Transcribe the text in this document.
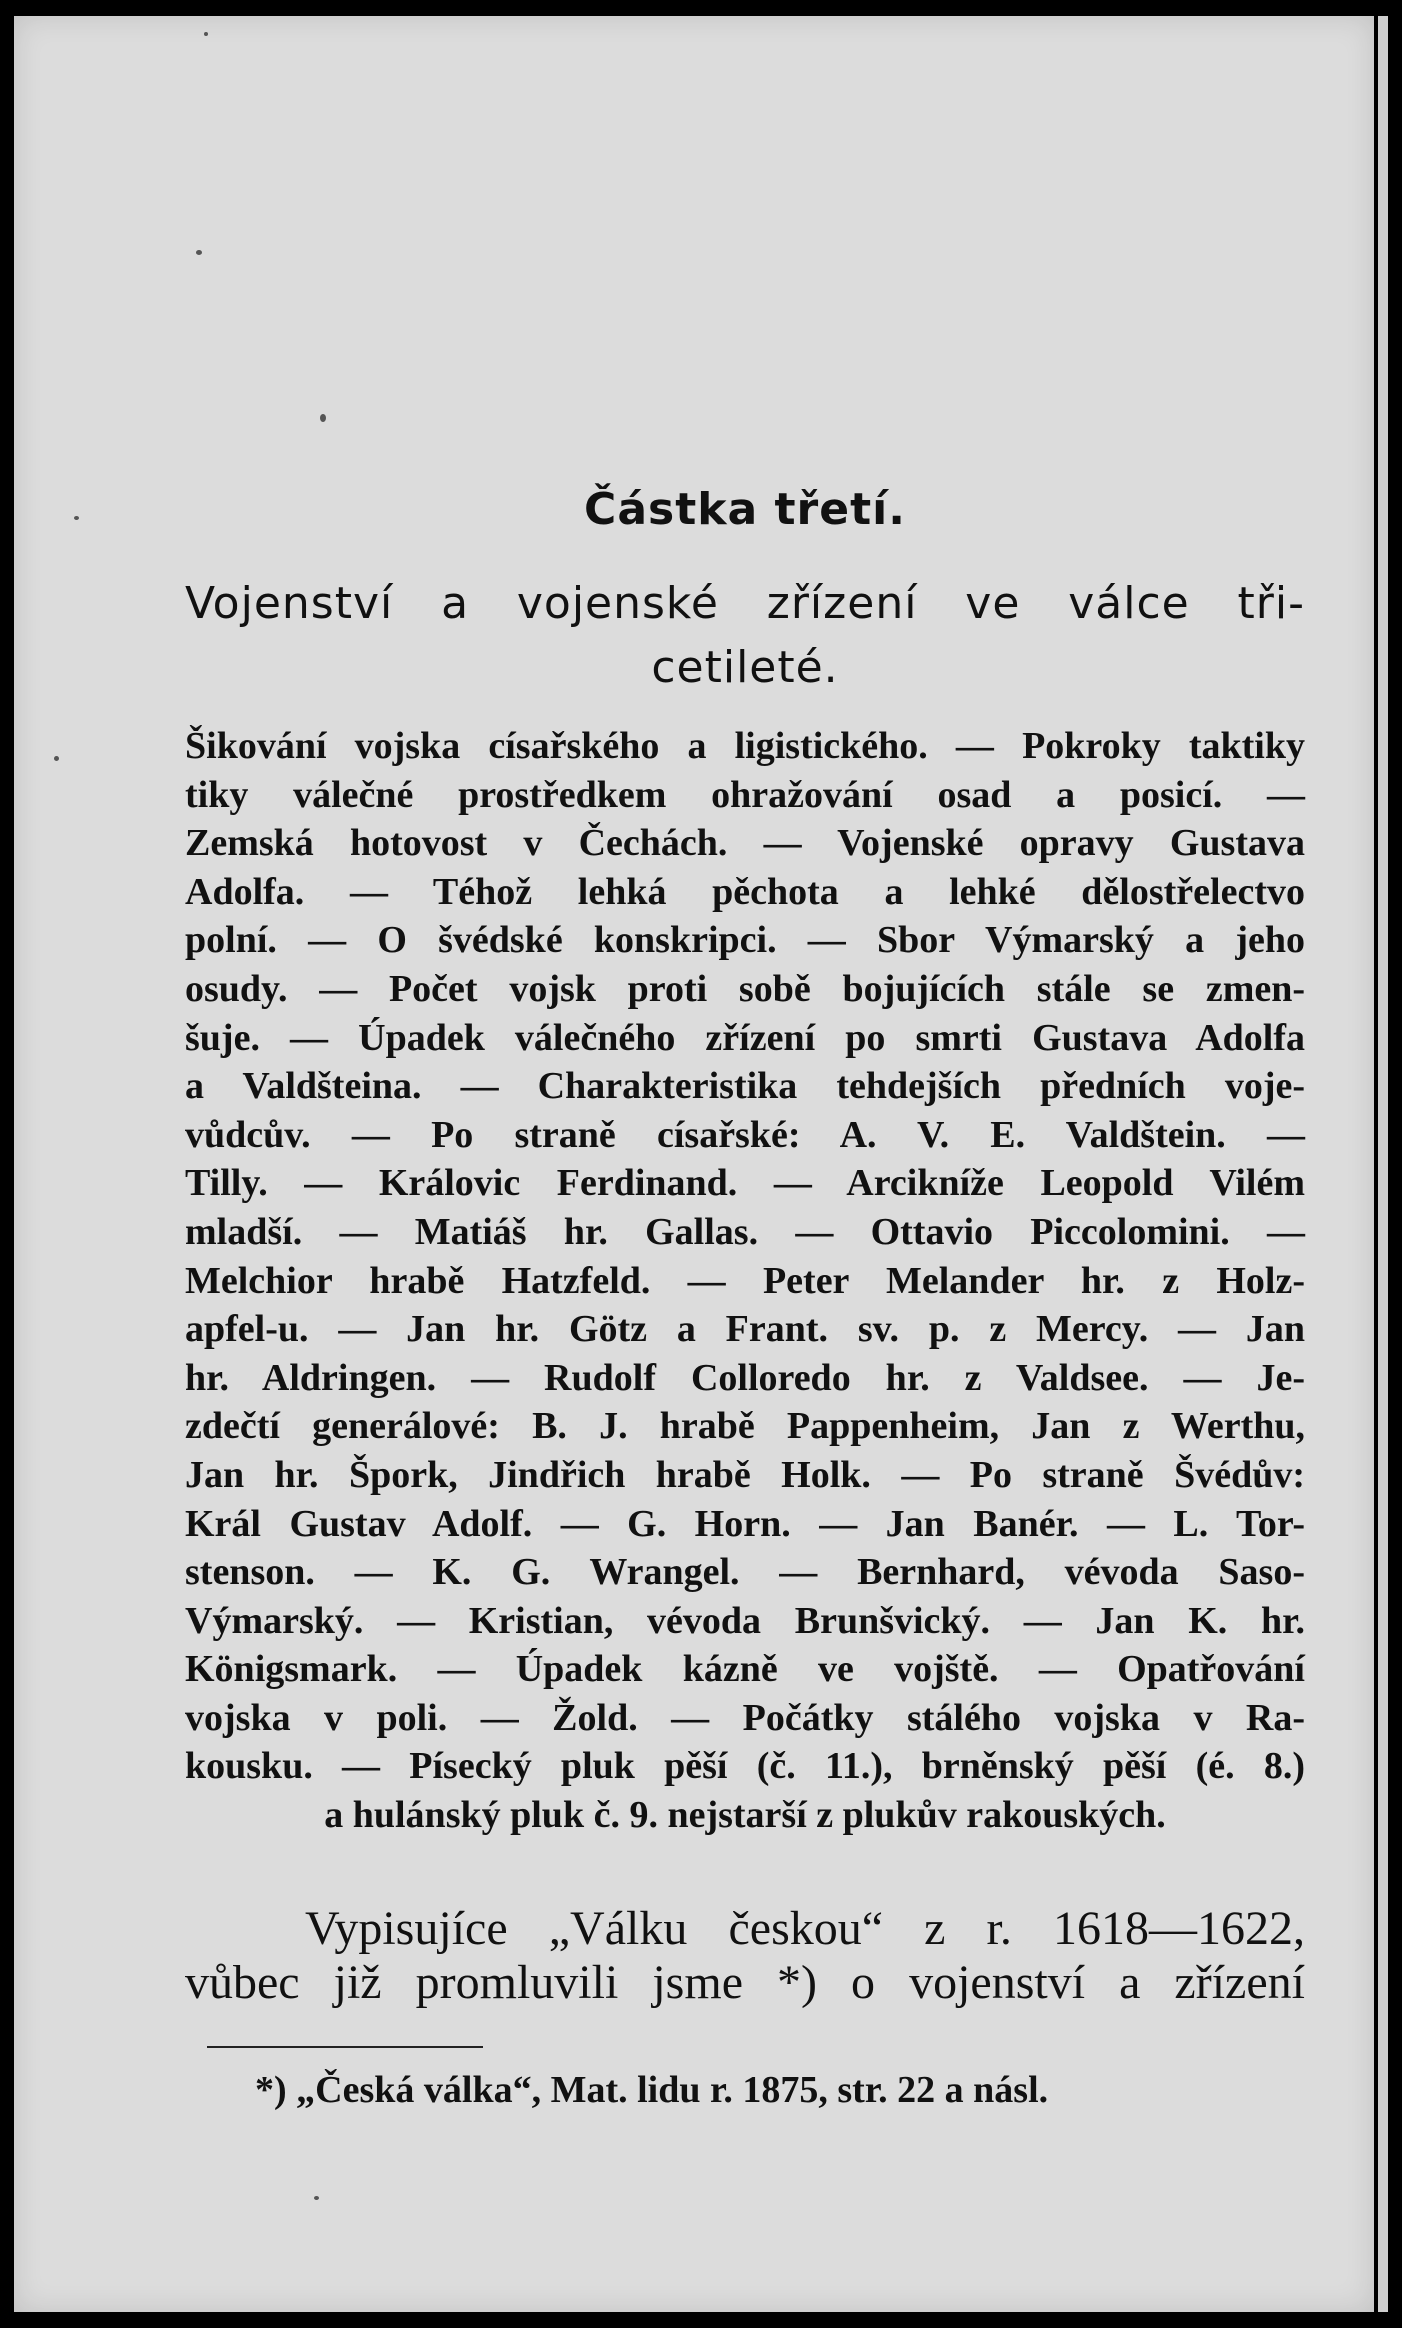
Částka třetí.
Vojenství a vojenské zřízení ve válce tři-
cetileté.
Šikování vojska císařského a ligistického. — Pokroky taktiky
tiky válečné prostředkem ohražování osad a posicí. —
Zemská hotovost v Čechách. — Vojenské opravy Gustava
Adolfa. — Téhož lehká pěchota a lehké dělostřelectvo
polní. — O švédské konskripci. — Sbor Výmarský a jeho
osudy. — Počet vojsk proti sobě bojujících stále se zmen-
šuje. — Úpadek válečného zřízení po smrti Gustava Adolfa
a Valdšteina. — Charakteristika tehdejších předních voje-
vůdcův. — Po straně císařské: A. V. E. Valdštein. —
Tilly. — Královic Ferdinand. — Arcikníže Leopold Vilém
mladší. — Matiáš hr. Gallas. — Ottavio Piccolomini. —
Melchior hrabě Hatzfeld. — Peter Melander hr. z Holz-
apfel-u. — Jan hr. Götz a Frant. sv. p. z Mercy. — Jan
hr. Aldringen. — Rudolf Colloredo hr. z Valdsee. — Je-
zdečtí generálové: B. J. hrabě Pappenheim, Jan z Werthu,
Jan hr. Špork, Jindřich hrabě Holk. — Po straně Švédův:
Král Gustav Adolf. — G. Horn. — Jan Banér. — L. Tor-
stenson. — K. G. Wrangel. — Bernhard, vévoda Saso-
Výmarský. — Kristian, vévoda Brunšvický. — Jan K. hr.
Königsmark. — Úpadek kázně ve vojště. — Opatřování
vojska v poli. — Žold. — Počátky stálého vojska v Ra-
kousku. — Písecký pluk pěší (č. 11.), brněnský pěší (é. 8.)
a hulánský pluk č. 9. nejstarší z plukův rakouských.
Vypisujíce „Válku českou“ z r. 1618—1622,
vůbec již promluvili jsme *) o vojenství a zřízení
*) „Česká válka“, Mat. lidu r. 1875, str. 22 a násl.
